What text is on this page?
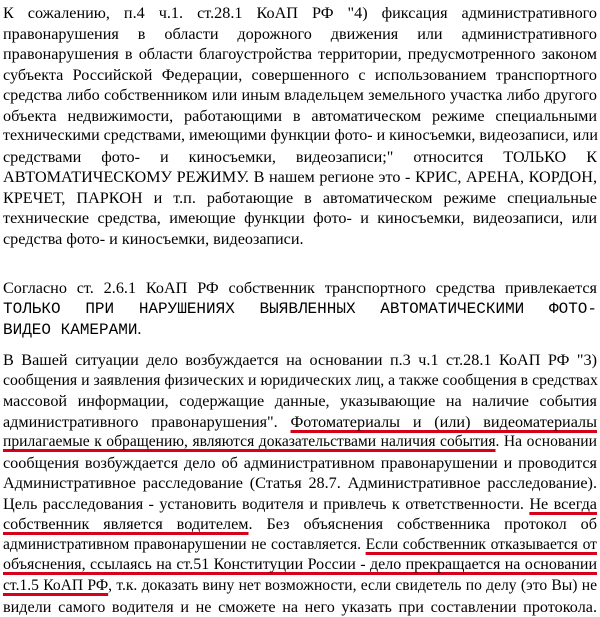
К сожалению, п.4 ч.1. ст.28.1 КоАП РФ "4) фиксация административного
правонарушения в области дорожного движения или административного
правонарушения в области благоустройства территории, предусмотренного законом
субъекта Российской Федерации, совершенного с использованием транспортного
средства либо собственником или иным владельцем земельного участка либо другого
объекта недвижимости, работающими в автоматическом режиме специальными
техническими средствами, имеющими функции фото- и киносъемки, видеозаписи, или
средствами фото- и киносъемки, видеозаписи;" относится ТОЛЬКО К
АВТОМАТИЧЕСКОМУ РЕЖИМУ. В нашем регионе это - КРИС, АРЕНА, КОРДОН,
КРЕЧЕТ, ПАРКОН и т.п. работающие в автоматическом режиме специальные
технические средства, имеющие функции фото- и киносъемки, видеозаписи, или
средства фото- и киносъемки, видеозаписи.
Согласно ст. 2.6.1 КоАП РФ собственник транспортного средства привлекается
ТОЛЬКО ПРИ НАРУШЕНИЯХ ВЫЯВЛЕННЫХ АВТОМАТИЧЕСКИМИ ФОТО-
ВИДЕО КАМЕРАМИ.
В Вашей ситуации дело возбуждается на основании п.3 ч.1 ст.28.1 КоАП РФ "3)
сообщения и заявления физических и юридических лиц, а также сообщения в средствах
массовой информации, содержащие данные, указывающие на наличие события
административного правонарушения". Фотоматериалы и (или) видеоматериалы
прилагаемые к обращению, являются доказательствами наличия события. На основании
сообщения возбуждается дело об административном правонарушении и проводится
Административное расследование (Статья 28.7. Административное расследование).
Цель расследования - установить водителя и привлечь к ответственности. Не всегда
собственник является водителем. Без объяснения собственника протокол об
административном правонарушении не составляется. Если собственник отказывается от
объяснения, ссылаясь на ст.51 Конституции России - дело прекращается на основании
ст.1.5 КоАП РФ, т.к. доказать вину нет возможности, если свидетель по делу (это Вы) не
видели самого водителя и не сможете на него указать при составлении протокола.
